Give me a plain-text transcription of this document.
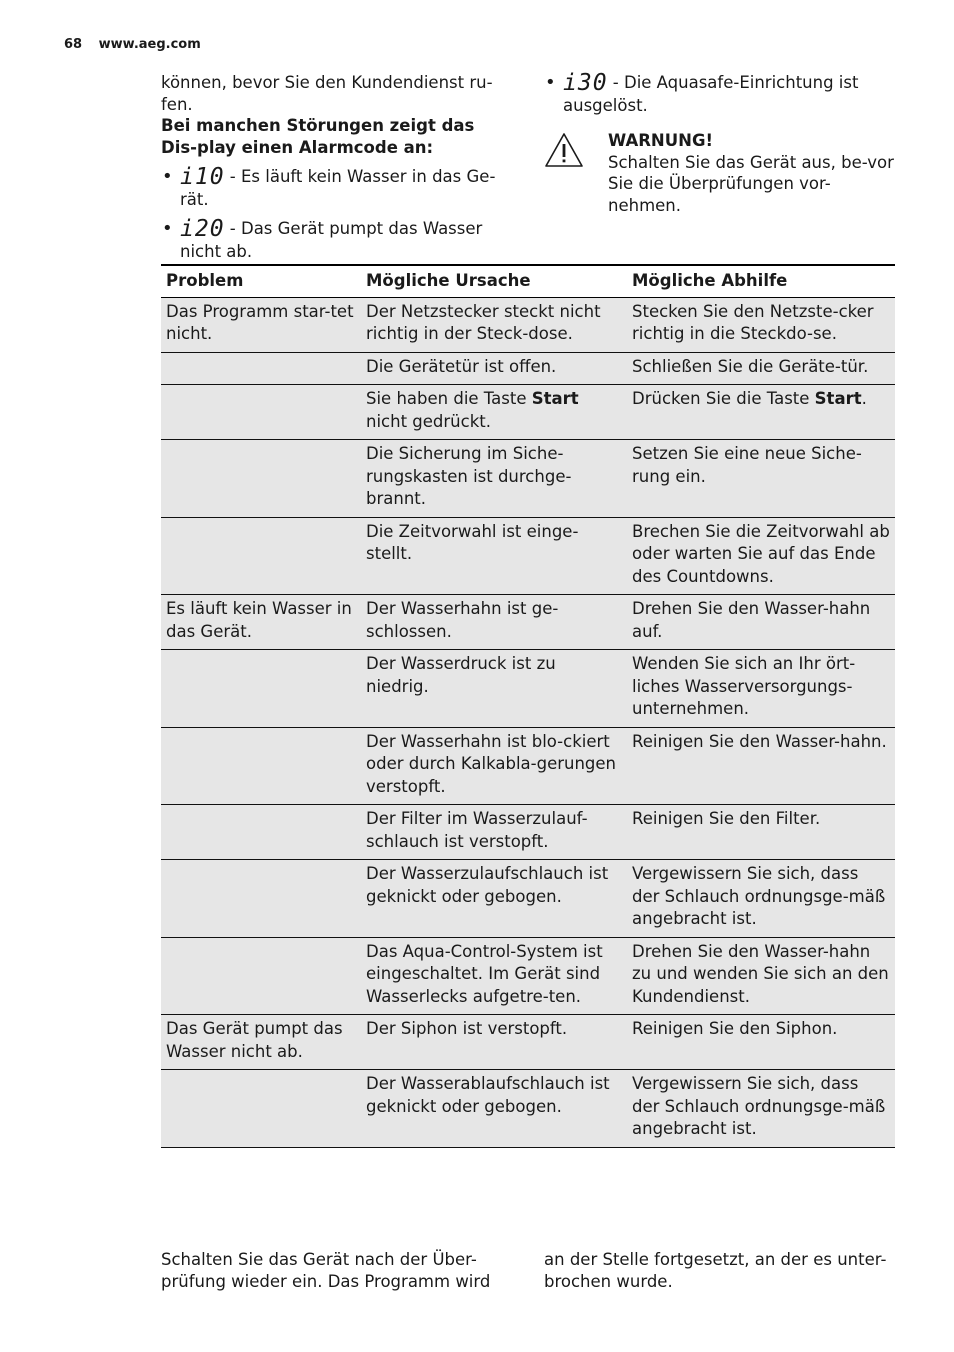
68 www.aeg.com

können, bevor Sie den Kundendienst ru-fen.

Bei manchen Störungen zeigt das Dis-play einen Alarmcode an:

• i10 - Es läuft kein Wasser in das Ge-rät.
• i20 - Das Gerät pumpt das Wasser nicht ab.
• i30 - Die Aquasafe-Einrichtung ist ausgelöst.

WARNUNG!

Schalten Sie das Gerät aus, be-vor Sie die Überprüfungen vor-nehmen.

Problem	Mögliche Ursache	Mögliche Abhilfe
Das Programm star-tet nicht.	Der Netzstecker steckt nicht richtig in der Steck-dose.	Stecken Sie den Netzste-cker richtig in die Steckdo-se.
	Die Gerätetür ist offen.	Schließen Sie die Geräte-tür.
	Sie haben die Taste Start nicht gedrückt.	Drücken Sie die Taste Start.
	Die Sicherung im Siche-rungskasten ist durchge-brannt.	Setzen Sie eine neue Siche-rung ein.
	Die Zeitvorwahl ist einge-stellt.	Brechen Sie die Zeitvorwahl ab oder warten Sie auf das Ende des Countdowns.
Es läuft kein Wasser in das Gerät.	Der Wasserhahn ist ge-schlossen.	Drehen Sie den Wasser-hahn auf.
	Der Wasserdruck ist zu niedrig.	Wenden Sie sich an Ihr ört-liches Wasserversorgungs-unternehmen.
	Der Wasserhahn ist blo-ckiert oder durch Kalkabla-gerungen verstopft.	Reinigen Sie den Wasser-hahn.
	Der Filter im Wasserzulauf-schlauch ist verstopft.	Reinigen Sie den Filter.
	Der Wasserzulaufschlauch ist geknickt oder gebogen.	Vergewissern Sie sich, dass der Schlauch ordnungsge-mäß angebracht ist.
	Das Aqua-Control-System ist eingeschaltet. Im Gerät sind Wasserlecks aufgetre-ten.	Drehen Sie den Wasser-hahn zu und wenden Sie sich an den Kundendienst.
Das Gerät pumpt das Wasser nicht ab.	Der Siphon ist verstopft.	Reinigen Sie den Siphon.
	Der Wasserablaufschlauch ist geknickt oder gebogen.	Vergewissern Sie sich, dass der Schlauch ordnungsge-mäß angebracht ist.
Schalten Sie das Gerät nach der Über-prüfung wieder ein. Das Programm wird
an der Stelle fortgesetzt, an der es unter-brochen wurde.
